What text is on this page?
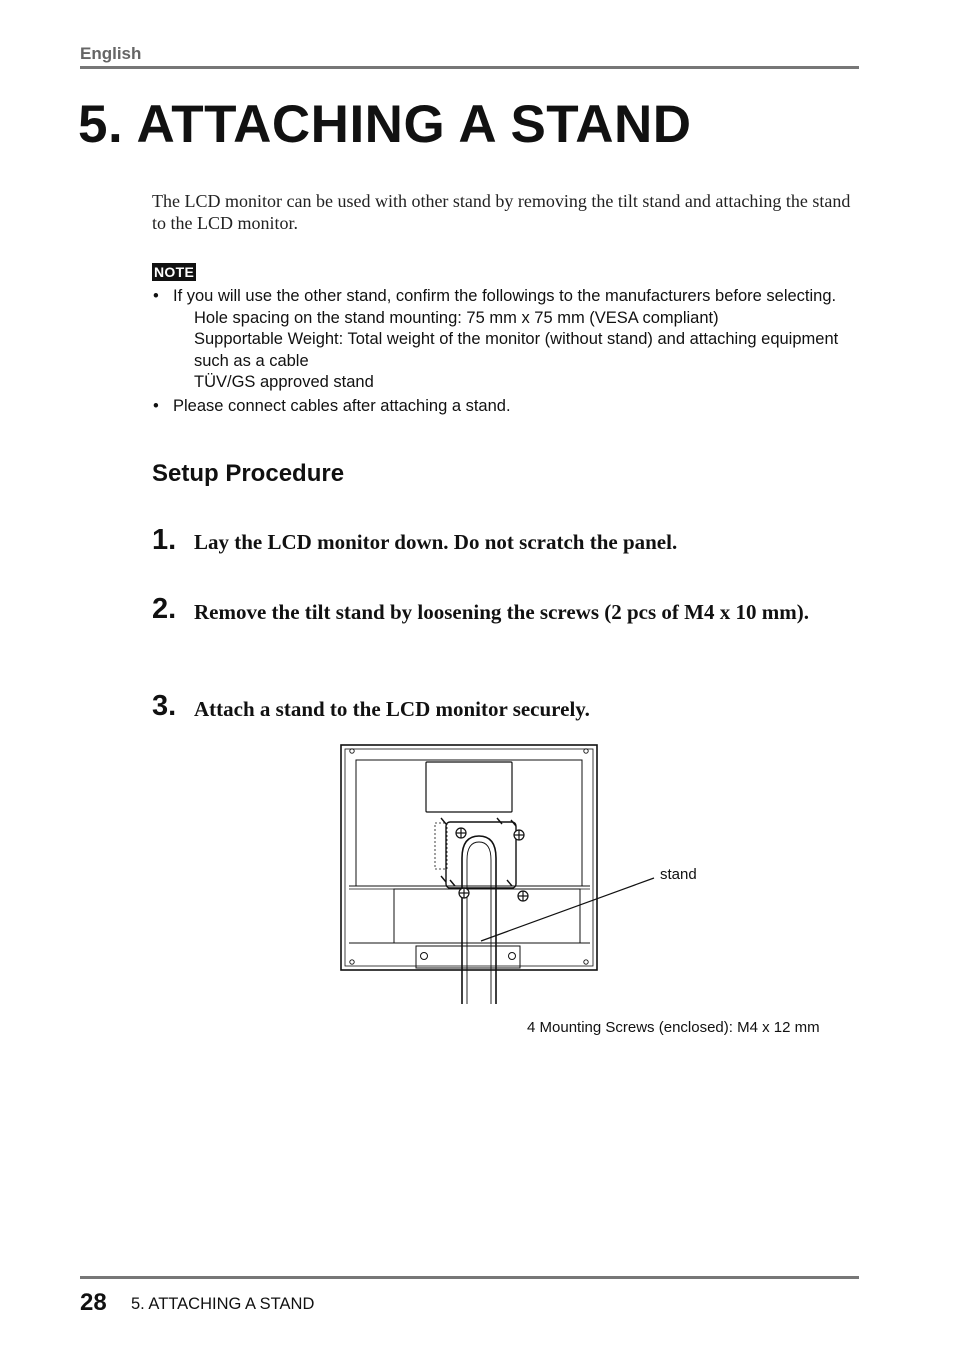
English
5. ATTACHING A STAND
The LCD monitor can be used with other stand by removing the tilt stand and attaching the stand to the LCD monitor.
NOTE
• If you will use the other stand, confirm the followings to the manufacturers before selecting.
Hole spacing on the stand mounting: 75 mm x 75 mm (VESA compliant)
Supportable Weight: Total weight of the monitor (without stand) and attaching equipment such as a cable
TÜV/GS approved stand
• Please connect cables after attaching a stand.
Setup Procedure
1. Lay the LCD monitor down. Do not scratch the panel.
2. Remove the tilt stand by loosening the screws (2 pcs of M4 x 10 mm).
3. Attach a stand to the LCD monitor securely.
stand
4 Mounting Screws (enclosed): M4 x 12 mm
28 5. ATTACHING A STAND
